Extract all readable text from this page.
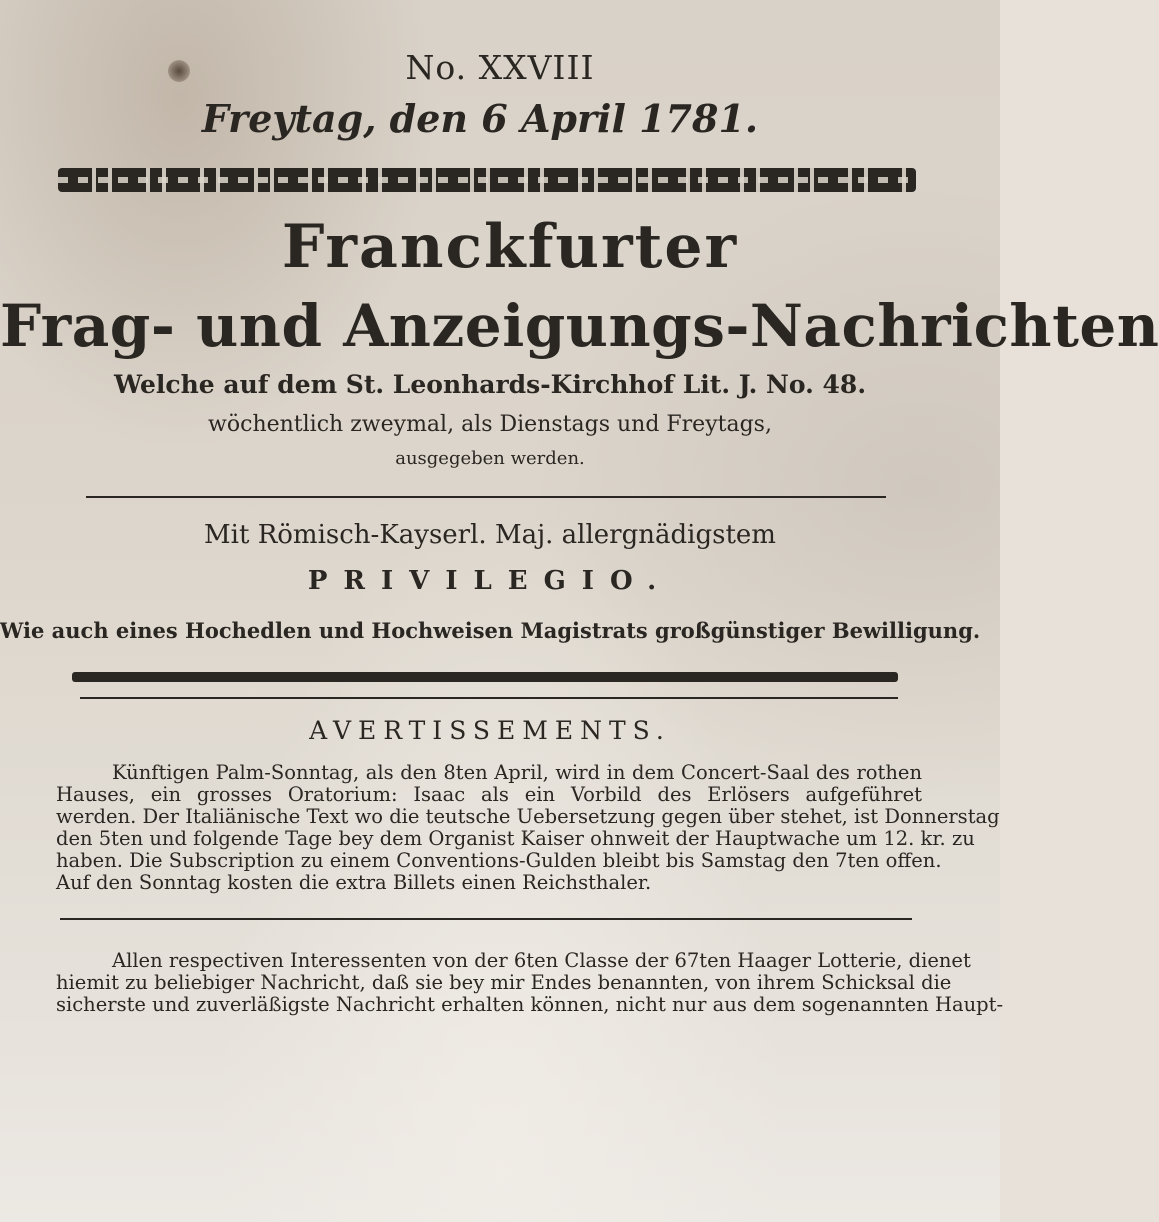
No. XXVIII
Freytag, den 6 April 1781.
Franckfurter
Frag- und Anzeigungs-Nachrichten
Welche auf dem St. Leonhards-Kirchhof Lit. J. No. 48.
wöchentlich zweymal, als Dienstags und Freytags,
ausgegeben werden.
Mit Römisch-Kayserl. Maj. allergnädigstem
PRIVILEGIO.
Wie auch eines Hochedlen und Hochweisen Magistrats großgünstiger Bewilligung.
AVERTISSEMENTS.
Künftigen Palm-Sonntag, als den 8ten April, wird in dem Concert-Saal des rothen
Hauses, ein grosses Oratorium: Isaac als ein Vorbild des Erlösers aufgeführet
werden. Der Italiänische Text wo die teutsche Uebersetzung gegen über stehet, ist Donnerstag
den 5ten und folgende Tage bey dem Organist Kaiser ohnweit der Hauptwache um 12. kr. zu
haben. Die Subscription zu einem Conventions-Gulden bleibt bis Samstag den 7ten offen.
Auf den Sonntag kosten die extra Billets einen Reichsthaler.
Allen respectiven Interessenten von der 6ten Classe der 67ten Haager Lotterie, dienet
hiemit zu beliebiger Nachricht, daß sie bey mir Endes benannten, von ihrem Schicksal die
sicherste und zuverläßigste Nachricht erhalten können, nicht nur aus dem sogenannten Haupt-
